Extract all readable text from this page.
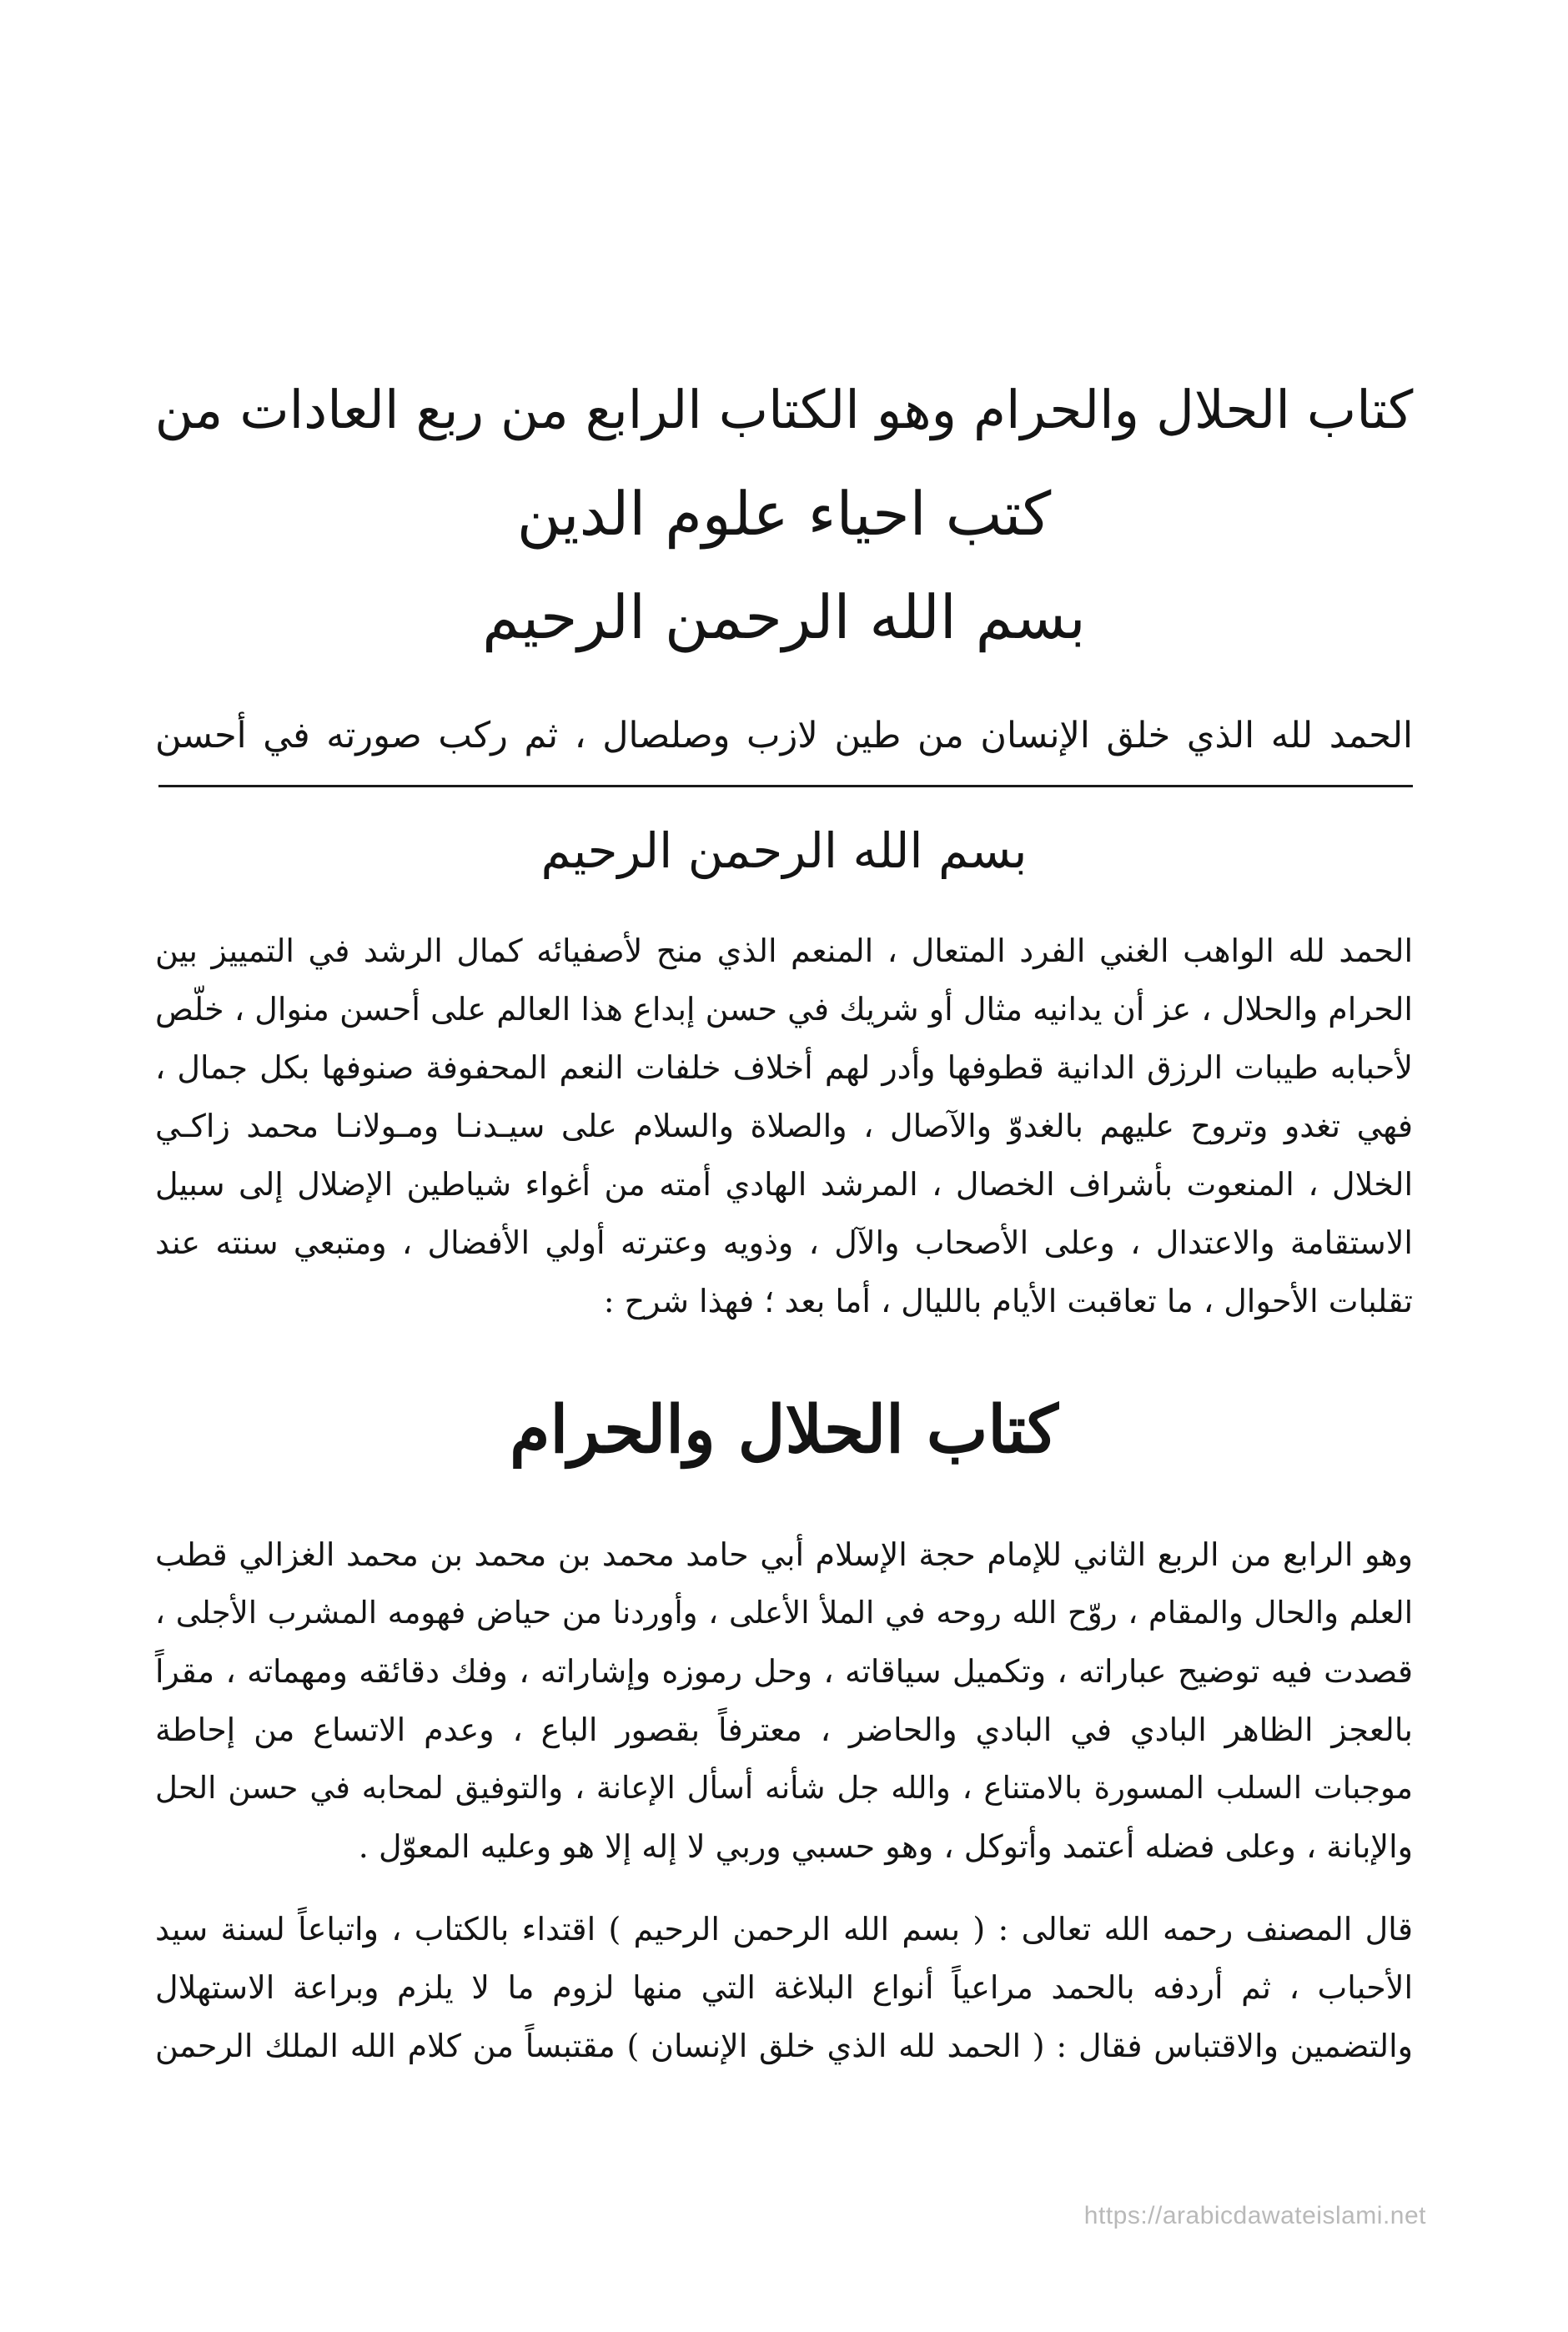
كتاب الحلال والحرام وهو الكتاب الرابع من ربع العادات من
كتب احياء علوم الدين
بسم الله الرحمن الرحيم
الحمد لله الذي خلق الإنسان من طين لازب وصلصال ، ثم ركب صورته في أحسن
بسم الله الرحمن الرحيم
الحمد لله الواهب الغني الفرد المتعال ، المنعم الذي منح لأصفيائه كمال الرشد في التمييز بين
الحرام والحلال ، عز أن يدانيه مثال أو شريك في حسن إبداع هذا العالم على أحسن منوال ، خلّص
لأحبابه طيبات الرزق الدانية قطوفها وأدر لهم أخلاف خلفات النعم المحفوفة صنوفها بكل جمال ،
فهي تغدو وتروح عليهم بالغدوّ والآصال ، والصلاة والسلام على سيـدنـا ومـولانـا محمد زاكـي
الخلال ، المنعوت بأشراف الخصال ، المرشد الهادي أمته من أغواء شياطين الإضلال إلى سبيل
الاستقامة والاعتدال ، وعلى الأصحاب والآل ، وذويه وعترته أولي الأفضال ، ومتبعي سنته عند
تقلبات الأحوال ، ما تعاقبت الأيام بالليال ، أما بعد ؛ فهذا شرح :
كتاب الحلال والحرام
وهو الرابع من الربع الثاني للإمام حجة الإسلام أبي حامد محمد بن محمد بن محمد الغزالي قطب
العلم والحال والمقام ، روّح الله روحه في الملأ الأعلى ، وأوردنا من حياض فهومه المشرب الأجلى ،
قصدت فيه توضيح عباراته ، وتكميل سياقاته ، وحل رموزه وإشاراته ، وفك دقائقه ومهماته ، مقراً
بالعجز الظاهر البادي في البادي والحاضر ، معترفاً بقصور الباع ، وعدم الاتساع من إحاطة
موجبات السلب المسورة بالامتناع ، والله جل شأنه أسأل الإعانة ، والتوفيق لمحابه في حسن الحل
والإبانة ، وعلى فضله أعتمد وأتوكل ، وهو حسبي وربي لا إله إلا هو وعليه المعوّل .
قال المصنف رحمه الله تعالى : ( بسم الله الرحمن الرحيم ) اقتداء بالكتاب ، واتباعاً لسنة سيد
الأحباب ، ثم أردفه بالحمد مراعياً أنواع البلاغة التي منها لزوم ما لا يلزم وبراعة الاستهلال
والتضمين والاقتباس فقال : ( الحمد لله الذي خلق الإنسان ) مقتبساً من كلام الله الملك الرحمن
https://arabicdawateislami.net
